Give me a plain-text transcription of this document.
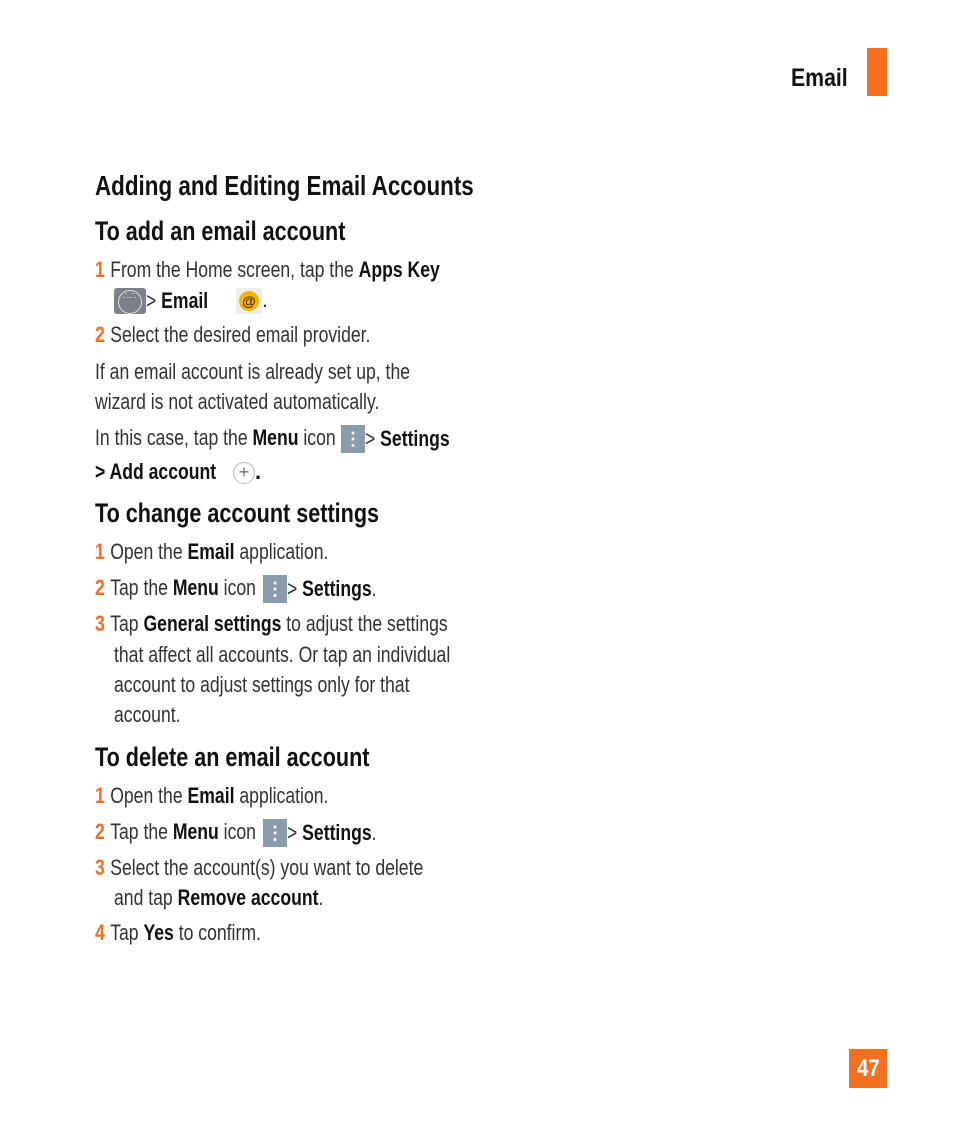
Email
Adding and Editing Email Accounts
To add an email account
1 From the Home screen, tap the Apps Key
∴∴ > Email @ .
2 Select the desired email provider.
If an email account is already set up, the
wizard is not activated automatically.
In this case, tap the Menu icon⋮> Settings
> Add account + .
To change account settings
1 Open the Email application.
2 Tap the Menu icon⋮> Settings.
3 Tap General settings to adjust the settings
that affect all accounts. Or tap an individual
account to adjust settings only for that
account.
To delete an email account
1 Open the Email application.
2 Tap the Menu icon⋮> Settings.
3 Select the account(s) you want to delete
and tap Remove account.
4 Tap Yes to confirm.
47
